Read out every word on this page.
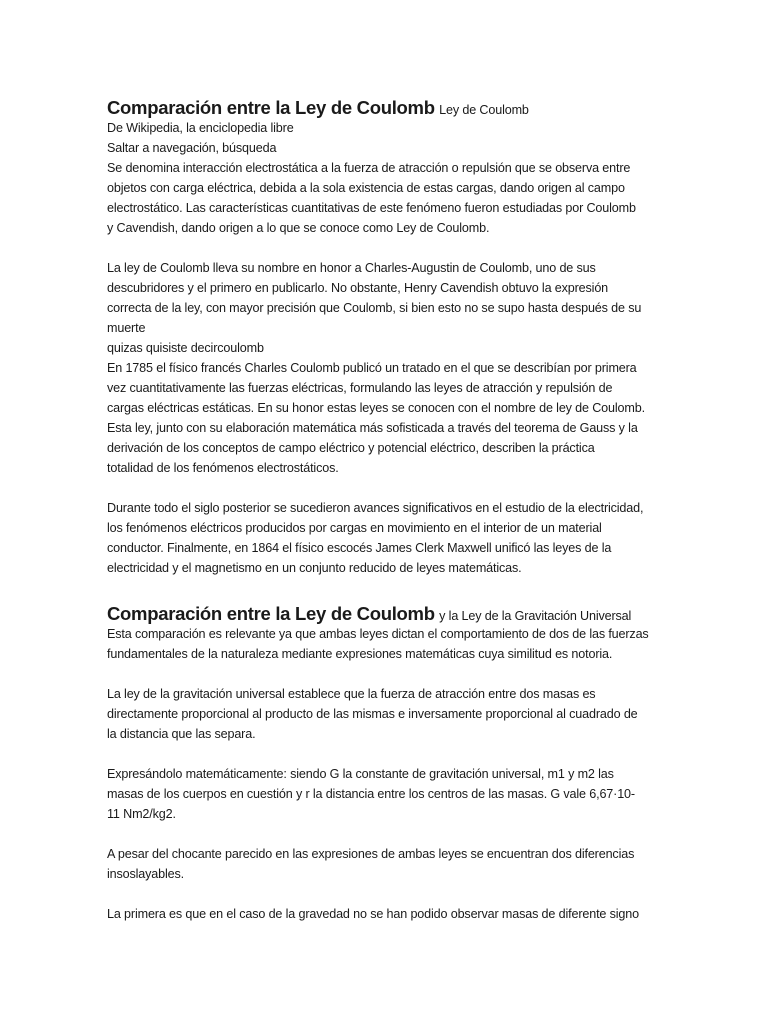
Comparación entre la Ley de Coulomb Ley de Coulomb
De Wikipedia, la enciclopedia libre
Saltar a navegación, búsqueda
Se denomina interacción electrostática a la fuerza de atracción o repulsión que se observa entre
objetos con carga eléctrica, debida a la sola existencia de estas cargas, dando origen al campo
electrostático. Las características cuantitativas de este fenómeno fueron estudiadas por Coulomb
y Cavendish, dando origen a lo que se conoce como Ley de Coulomb.
La ley de Coulomb lleva su nombre en honor a Charles-Augustin de Coulomb, uno de sus
descubridores y el primero en publicarlo. No obstante, Henry Cavendish obtuvo la expresión
correcta de la ley, con mayor precisión que Coulomb, si bien esto no se supo hasta después de su
muerte
quizas quisiste decircoulomb
En 1785 el físico francés Charles Coulomb publicó un tratado en el que se describían por primera
vez cuantitativamente las fuerzas eléctricas, formulando las leyes de atracción y repulsión de
cargas eléctricas estáticas. En su honor estas leyes se conocen con el nombre de ley de Coulomb.
Esta ley, junto con su elaboración matemática más sofisticada a través del teorema de Gauss y la
derivación de los conceptos de campo eléctrico y potencial eléctrico, describen la práctica
totalidad de los fenómenos electrostáticos.
Durante todo el siglo posterior se sucedieron avances significativos en el estudio de la electricidad,
los fenómenos eléctricos producidos por cargas en movimiento en el interior de un material
conductor. Finalmente, en 1864 el físico escocés James Clerk Maxwell unificó las leyes de la
electricidad y el magnetismo en un conjunto reducido de leyes matemáticas.
Comparación entre la Ley de Coulomb y la Ley de la Gravitación Universal
Esta comparación es relevante ya que ambas leyes dictan el comportamiento de dos de las fuerzas
fundamentales de la naturaleza mediante expresiones matemáticas cuya similitud es notoria.
La ley de la gravitación universal establece que la fuerza de atracción entre dos masas es
directamente proporcional al producto de las mismas e inversamente proporcional al cuadrado de
la distancia que las separa.
Expresándolo matemáticamente: siendo G la constante de gravitación universal, m1 y m2 las
masas de los cuerpos en cuestión y r la distancia entre los centros de las masas. G vale 6,67·10-
11 Nm2/kg2.
A pesar del chocante parecido en las expresiones de ambas leyes se encuentran dos diferencias
insoslayables.
La primera es que en el caso de la gravedad no se han podido observar masas de diferente signo
